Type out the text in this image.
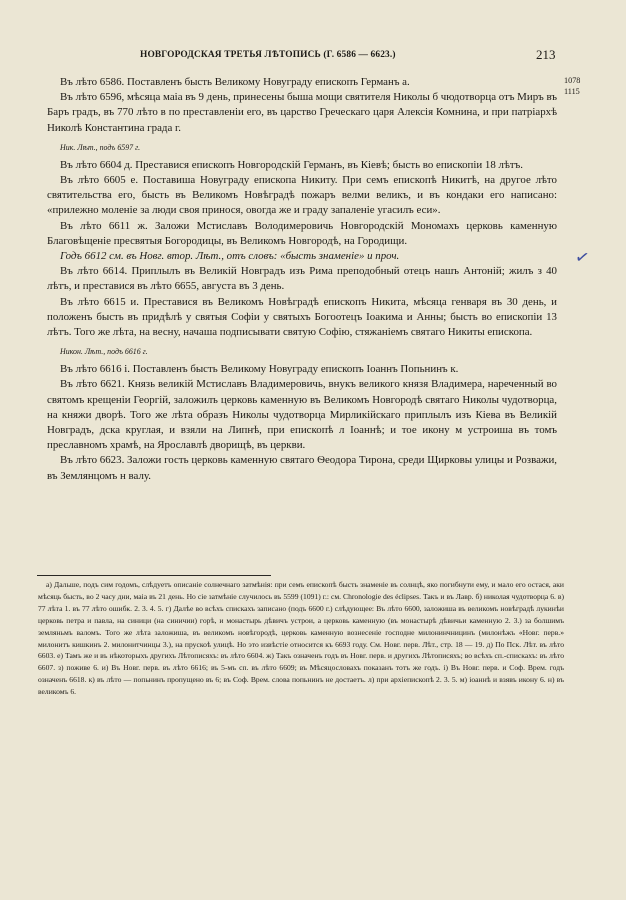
НОВГОРОДСКАЯ ТРЕТЬЯ ЛѢТОПИСЬ (Г. 6586 — 6623.)	213
1078
1115

Въ лѣто 6586. Поставленъ бысть Великому Новуграду епископъ Германъ а.

Въ лѣто 6596, мѣсяца маіа въ 9 день, принесены быша мощи святителя Николы б чюдотворца отъ Миръ въ Баръ градъ, въ 770 лѣто в по преставленіи его, въ царство Греческаго царя Алексія Комнина, и при патріархѣ Николѣ Константина града г.

Ник. Лѣт., подъ 6597 г.

Въ лѣто 6604 д. Преставися епископъ Новгородскій Германъ, въ Кіевѣ; бысть во епископіи 18 лѣтъ.

Въ лѣто 6605 е. Поставиша Новуграду епископа Никиту. При семъ епископѣ Никитѣ, на другое лѣто святительства его, бысть въ Великомъ Новѣградѣ пожаръ велми великъ, и въ кондаки его написано: «прилежно моленіе за люди своя принося, овогда же и граду запаленіе угасилъ еси».

Въ лѣто 6611 ж. Заложи Мстиславъ Володимеровичь Новгородскій Мономахъ церковь каменную Благовѣщеніе пресвятыя Богородицы, въ Великомъ Новгородѣ, на Городищи.

Годъ 6612 см. въ Новг. втор. Лѣт., отъ словъ: «бысть знаменіе» и проч.

Въ лѣто 6614. Приплылъ въ Великій Новградъ изъ Рима преподобный отецъ нашъ Антоній; жилъ з 40 лѣтъ, и преставися въ лѣто 6655, августа въ 3 день.

Въ лѣто 6615 и. Преставися въ Великомъ Новѣградѣ епископъ Никита, мѣсяца генваря въ 30 день, и положенъ бысть въ придѣлѣ у святыя Софіи у святыхъ Богоотецъ Іоакима и Анны; бысть во епископіи 13 лѣтъ. Того же лѣта, на весну, начаша подписывати святую Софію, стяжаніемъ святаго Никиты епископа.

Никон. Лѣт., подъ 6616 г.

Въ лѣто 6616 і. Поставленъ бысть Великому Новуграду епископъ Іоаннъ Попьнинъ к.

Въ лѣто 6621. Князь великій Мстиславъ Владимеровичь, внукъ великого князя Владимера, нареченный во святомъ крещеніи Георгій, заложилъ церковь каменную въ Великомъ Новгородѣ святаго Николы чудотворца, на княжи дворѣ. Того же лѣта образъ Николы чудотворца Мирликійскаго приплылъ изъ Кіева въ Великій Новградъ, дска круглая, и взяли на Липнѣ, при епископѣ л Іоаннѣ; и тое икону м устроиша въ томъ преславномъ храмѣ, на Ярославлѣ дворищѣ, въ церкви.

Въ лѣто 6623. Заложи гость церковь каменную святаго Ѳеодора Тирона, среди Щирковы улицы и Розважи, въ Землянцомъ н валу.

✓

а) Дальше, подъ сим годомъ, слѣдуетъ описаніе солнечнаго затмѣнія: при семъ епископѣ бысть знаменіе въ солнцѣ, яко погибнути ему, и мало его остася, аки мѣсяць бысть, во 2 часу дни, маіа въ 21 день. Но сіе затмѣніе случилось въ 5599 (1091) г.: см. Chronologie des éclipses. Такъ и въ Лавр. б) николая чудотворца 6. в) 77 лѣта 1. въ 77 лѣто ошибк. 2. 3. 4. 5. г) Далѣе во всѣхъ спискахъ записано (подъ 6600 г.) слѣдующее: Въ лѣто 6600, заложиша въ великомъ новѣградѣ лукинѣи церковь петра и павла, на синици (на синичии) горѣ, и монастырь дѣвичъ устрои, а церковь каменную (въ монастырѣ дѣвичьи каменную 2. 3.) за болшимъ земляньмъ валомъ. Того же лѣта заложиша, въ великомъ новѣгородѣ, церковь каменную вознесеніе господне милонинчницинъ (милонѣжъ «Новг. перв.» милонитъ кишкинъ 2. милонитчинцы 3.), на прускоѣ улицѣ. Но это извѣстіе относится къ 6693 году. См. Новг. перв. Лѣт., стр. 18 — 19. д) По Пск. Лѣт. въ лѣто 6603. е) Тамъ же и въ нѣкоторыхъ другихъ Лѣтописяхъ: въ лѣто 6604. ж) Такъ означенъ годъ въ Новг. перв. и другихъ Лѣтописяхъ; во всѣхъ сп.-спискахъ: въ лѣто 6607. з) поживе 6. и) Въ Новг. перв. въ лѣто 6616; въ 5-мъ сп. въ лѣто 6609; въ Мѣсяцословахъ показанъ тотъ же годъ. і) Въ Новг. перв. и Соф. Врем. годъ означенъ 6618. к) въ лѣто — попьнинъ пропущено въ 6; въ Соф. Врем. слова попьнинъ не достаетъ. л) при архіепископѣ 2. 3. 5. м) іоаннѣ и взявъ икону 6. н) въ великомъ 6.
